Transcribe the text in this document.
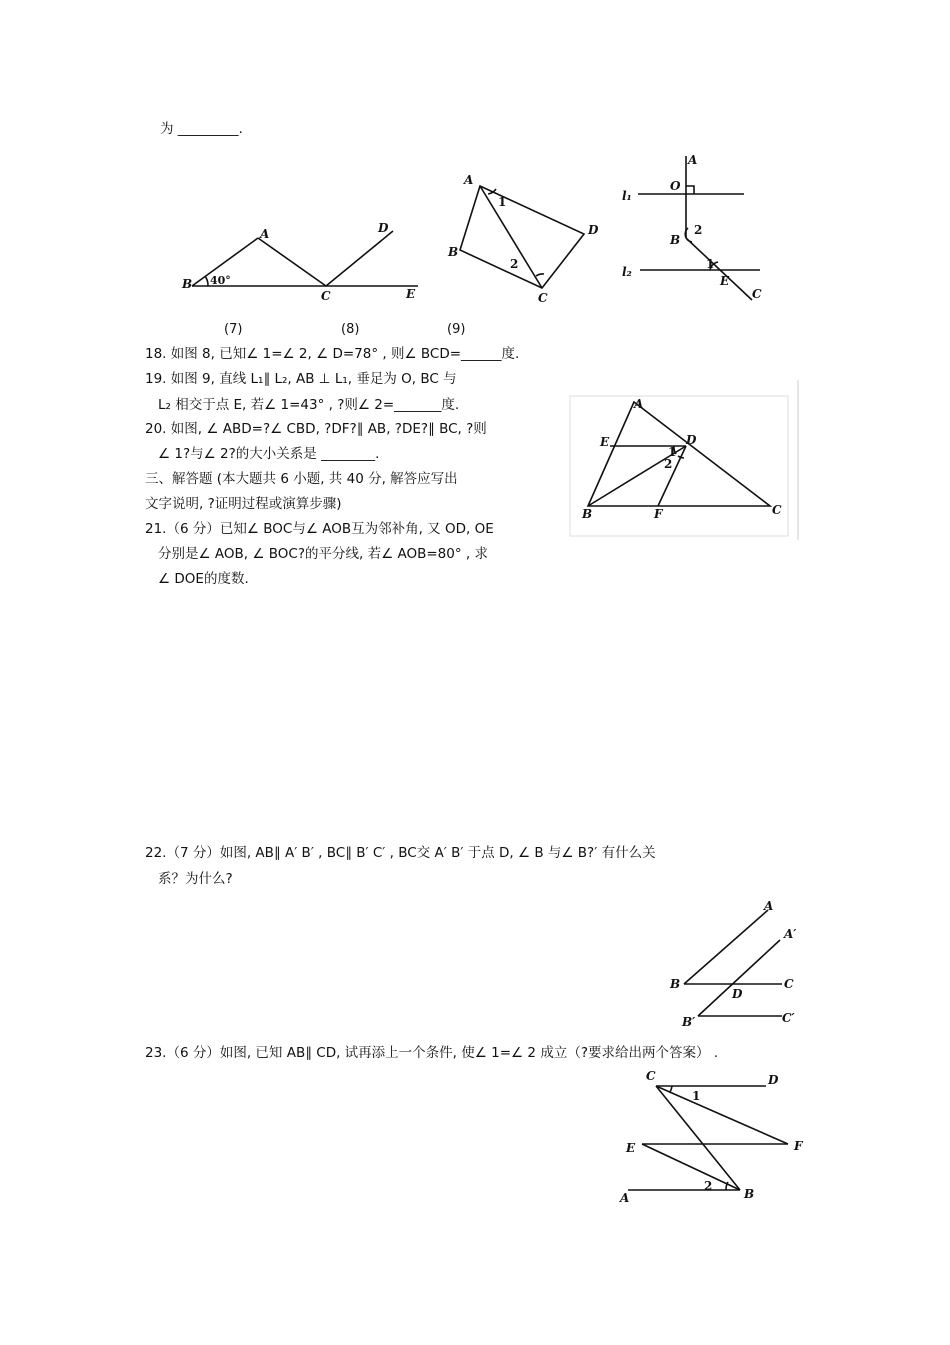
为 _________.
A
B 40°
C
D
E
A
B
C
D
1
2
A
O
l₁
B
2
l₂
1
E
C
(7)	(8)	(9)
18. 如图 8, 已知∠ 1=∠ 2, ∠ D=78° , 则∠ BCD=______度.
19. 如图 9, 直线 L₁∥ L₂, AB ⊥ L₁, 垂足为 O, BC 与
L₂ 相交于点 E, 若∠ 1=43° , ?则∠ 2=_______度.
20. 如图, ∠ ABD=?∠ CBD, ?DF?∥ AB, ?DE?∥ BC, ?则
∠ 1?与∠ 2?的大小关系是 ________.
三、解答题 (本大题共 6 小题, 共 40 分, 解答应写出
文字说明, ?证明过程或演算步骤)
21.（6 分）已知∠ BOC与∠ AOB互为邻补角, 又 OD, OE
分别是∠ AOB, ∠ BOC?的平分线, 若∠ AOB=80° , 求
∠ DOE的度数.
A
E	D
1
2
B	F	C
22.（7 分）如图, AB∥ A′ B′ , BC∥ B′ C′ , BC交 A′ B′ 于点 D, ∠ B 与∠ B?′ 有什么关
系？为什么?
A
A′
B	C
D
B′	C′
23.（6 分）如图, 已知 AB∥ CD, 试再添上一个条件, 使∠ 1=∠ 2 成立（?要求给出两个答案） .
C	D
1
E	F
A
2
B
